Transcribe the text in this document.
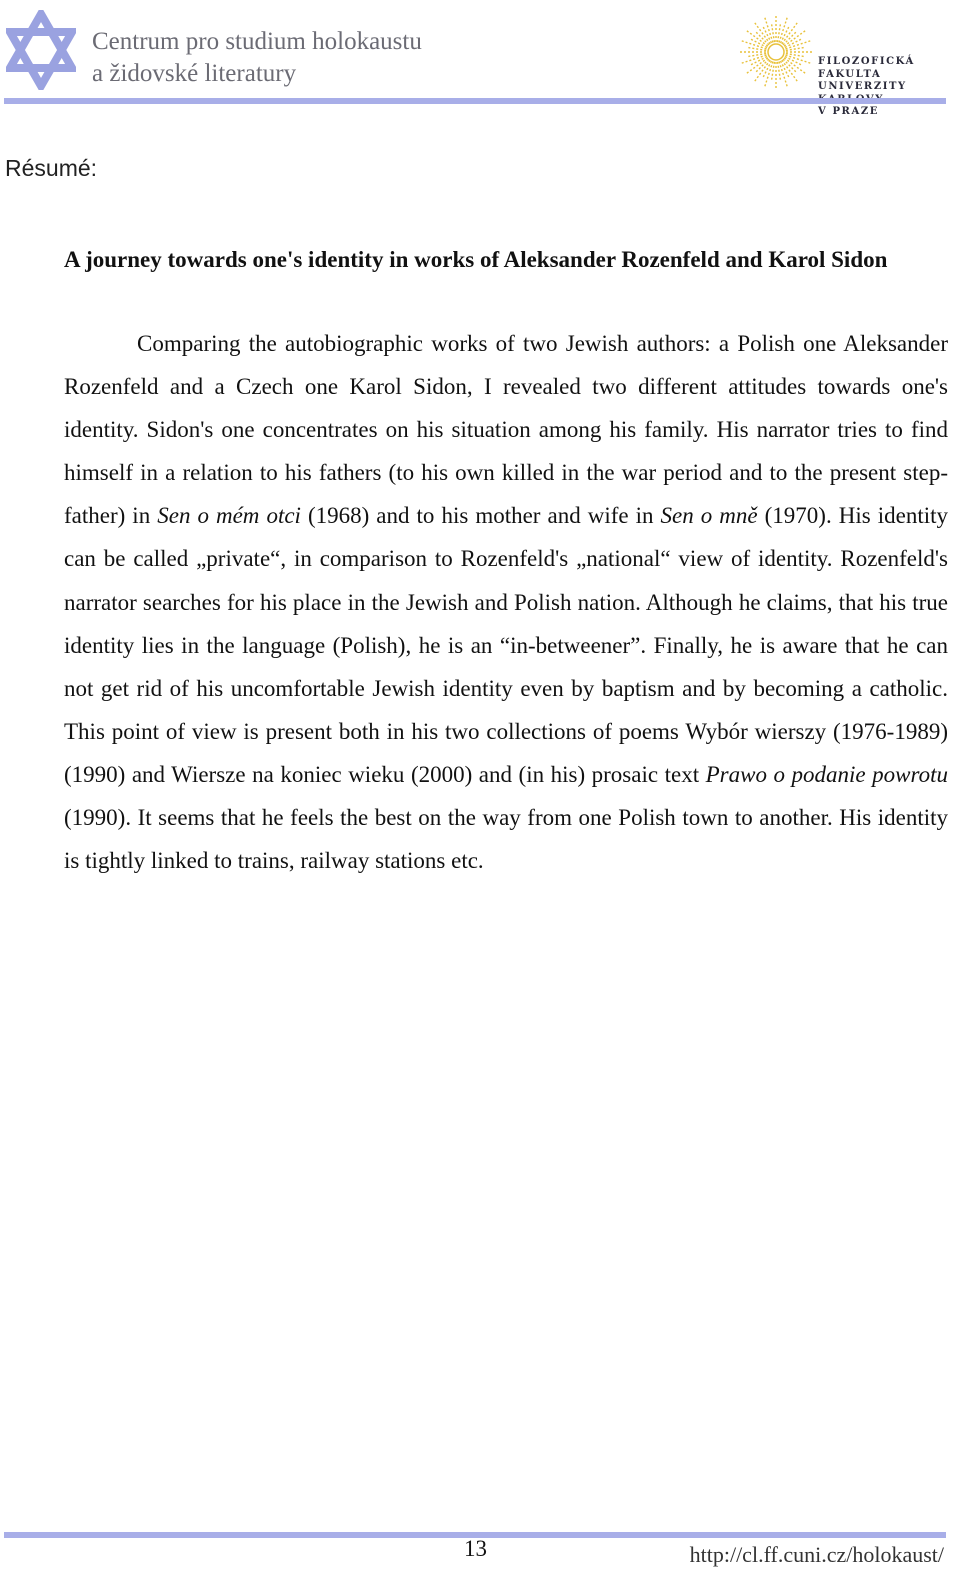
Centrum pro studium holokaustu
a židovské literatury	FILOZOFICKÁ FAKULTA
UNIVERZITY
V PRAZE
Résumé:
A journey towards one's identity in works of Aleksander Rozenfeld and Karol Sidon

Comparing the autobiographic works of two Jewish authors: a Polish one Aleksander Rozenfeld and a Czech one Karol Sidon, I revealed two different attitudes towards one's identity. Sidon's one concentrates on his situation among his family. His narrator tries to find himself in a relation to his fathers (to his own killed in the war period and to the present step-father) in Sen o mém otci (1968) and to his mother and wife in Sen o mně (1970). His identity can be called „private“, in comparison to Rozenfeld's „national“ view of identity. Rozenfeld's narrator searches for his place in the Jewish and Polish nation. Although he claims, that his true identity lies in the language (Polish), he is an “in-betweener”. Finally, he is aware that he can not get rid of his uncomfortable Jewish identity even by baptism and by becoming a catholic. This point of view is present both in his two collections of poems Wybór wierszy (1976-1989) (1990) and Wiersze na koniec wieku (2000) and (in his) prosaic text Prawo o podanie powrotu (1990). It seems that he feels the best on the way from one Polish town to another. His identity is tightly linked to trains, railway stations etc.

13	http://cl.ff.cuni.cz/holokaust/
